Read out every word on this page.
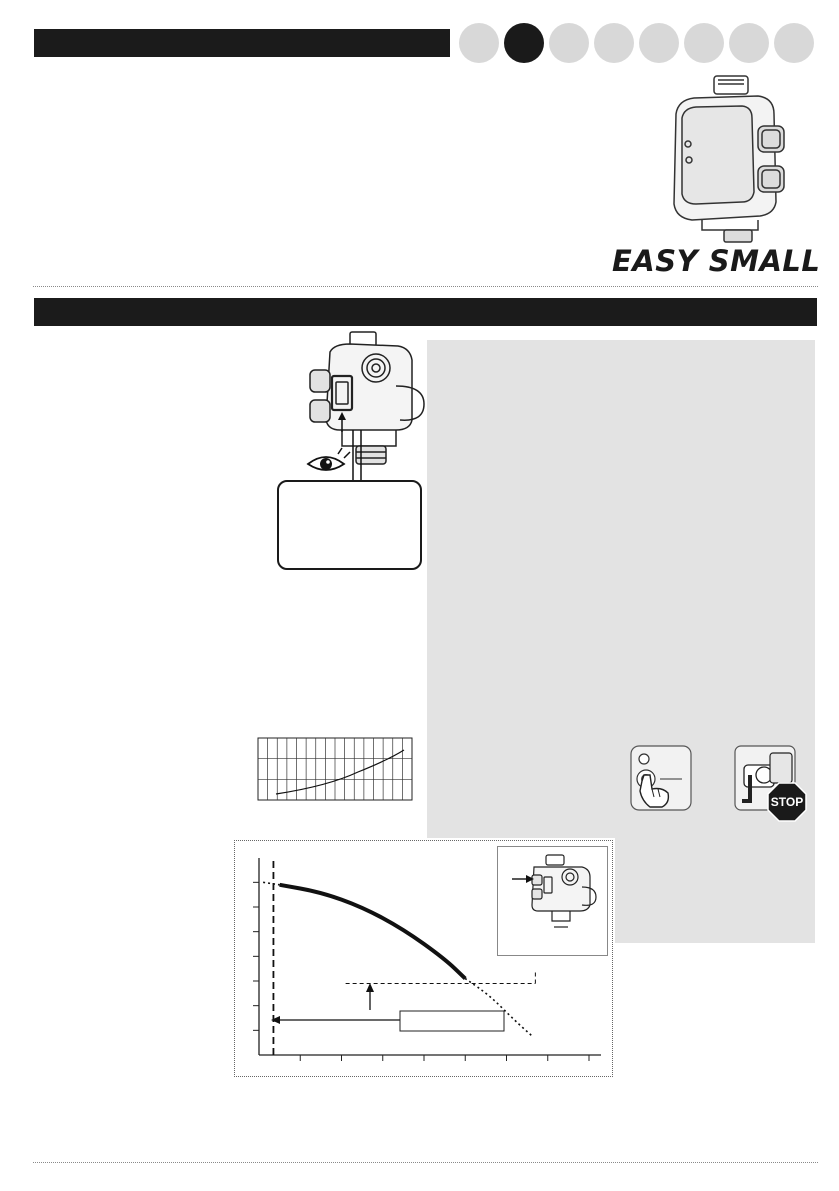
EASY SMALL
STOP
